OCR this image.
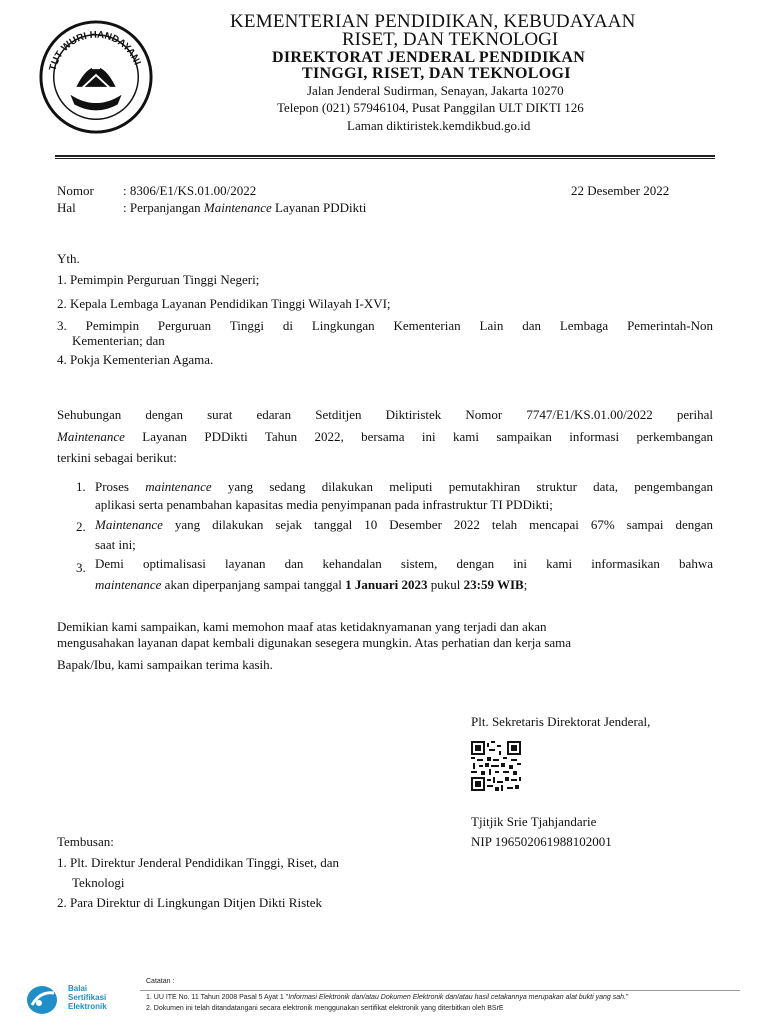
TUT WURI HANDAYANI
KEMENTERIAN PENDIDIKAN, KEBUDAYAAN
RISET, DAN TEKNOLOGI
DIREKTORAT JENDERAL PENDIDIKAN
TINGGI, RISET, DAN TEKNOLOGI
Jalan Jenderal Sudirman, Senayan, Jakarta 10270
Telepon (021) 57946104, Pusat Panggilan ULT DIKTI 126
Laman diktiristek.kemdikbud.go.id
Nomor : 8306/E1/KS.01.00/2022	22 Desember 2022
Hal	: Perpanjangan Maintenance Layanan PDDikti
Yth.
1. Pemimpin Perguruan Tinggi Negeri;
2. Kepala Lembaga Layanan Pendidikan Tinggi Wilayah I-XVI;
3. Pemimpin Perguruan Tinggi di Lingkungan Kementerian Lain dan Lembaga Pemerintah-Non
Kementerian; dan
4. Pokja Kementerian Agama.
Sehubungan dengan surat edaran Setditjen Diktiristek Nomor 7747/E1/KS.01.00/2022 perihal
Maintenance Layanan PDDikti Tahun 2022, bersama ini kami sampaikan informasi perkembangan
terkini sebagai berikut:
1. Proses maintenance yang sedang dilakukan meliputi pemutakhiran struktur data, pengembangan
aplikasi serta penambahan kapasitas media penyimpanan pada infrastruktur TI PDDikti;
2. Maintenance yang dilakukan sejak tanggal 10 Desember 2022 telah mencapai 67% sampai dengan
saat ini;
3. Demi optimalisasi layanan dan kehandalan sistem, dengan ini kami informasikan bahwa
maintenance akan diperpanjang sampai tanggal 1 Januari 2023 pukul 23:59 WIB;
Demikian kami sampaikan, kami memohon maaf atas ketidaknyamanan yang terjadi dan akan
mengusahakan layanan dapat kembali digunakan sesegera mungkin. Atas perhatian dan kerja sama
Bapak/Ibu, kami sampaikan terima kasih.
Plt. Sekretaris Direktorat Jenderal,
Tjitjik Srie Tjahjandarie
NIP 196502061988102001
Tembusan:
1. Plt. Direktur Jenderal Pendidikan Tinggi, Riset, dan
Teknologi
2. Para Direktur di Lingkungan Ditjen Dikti Ristek
Balai
Sertifikasi
Elektronik
Catatan :
1. UU ITE No. 11 Tahun 2008 Pasal 5 Ayat 1 "Informasi Elektronik dan/atau Dokumen Elektronik dan/atau hasil cetakannya merupakan alat bukti yang sah."
2. Dokumen ini telah ditandatangani secara elektronik menggunakan sertifikat elektronik yang diterbitkan oleh BSrE
